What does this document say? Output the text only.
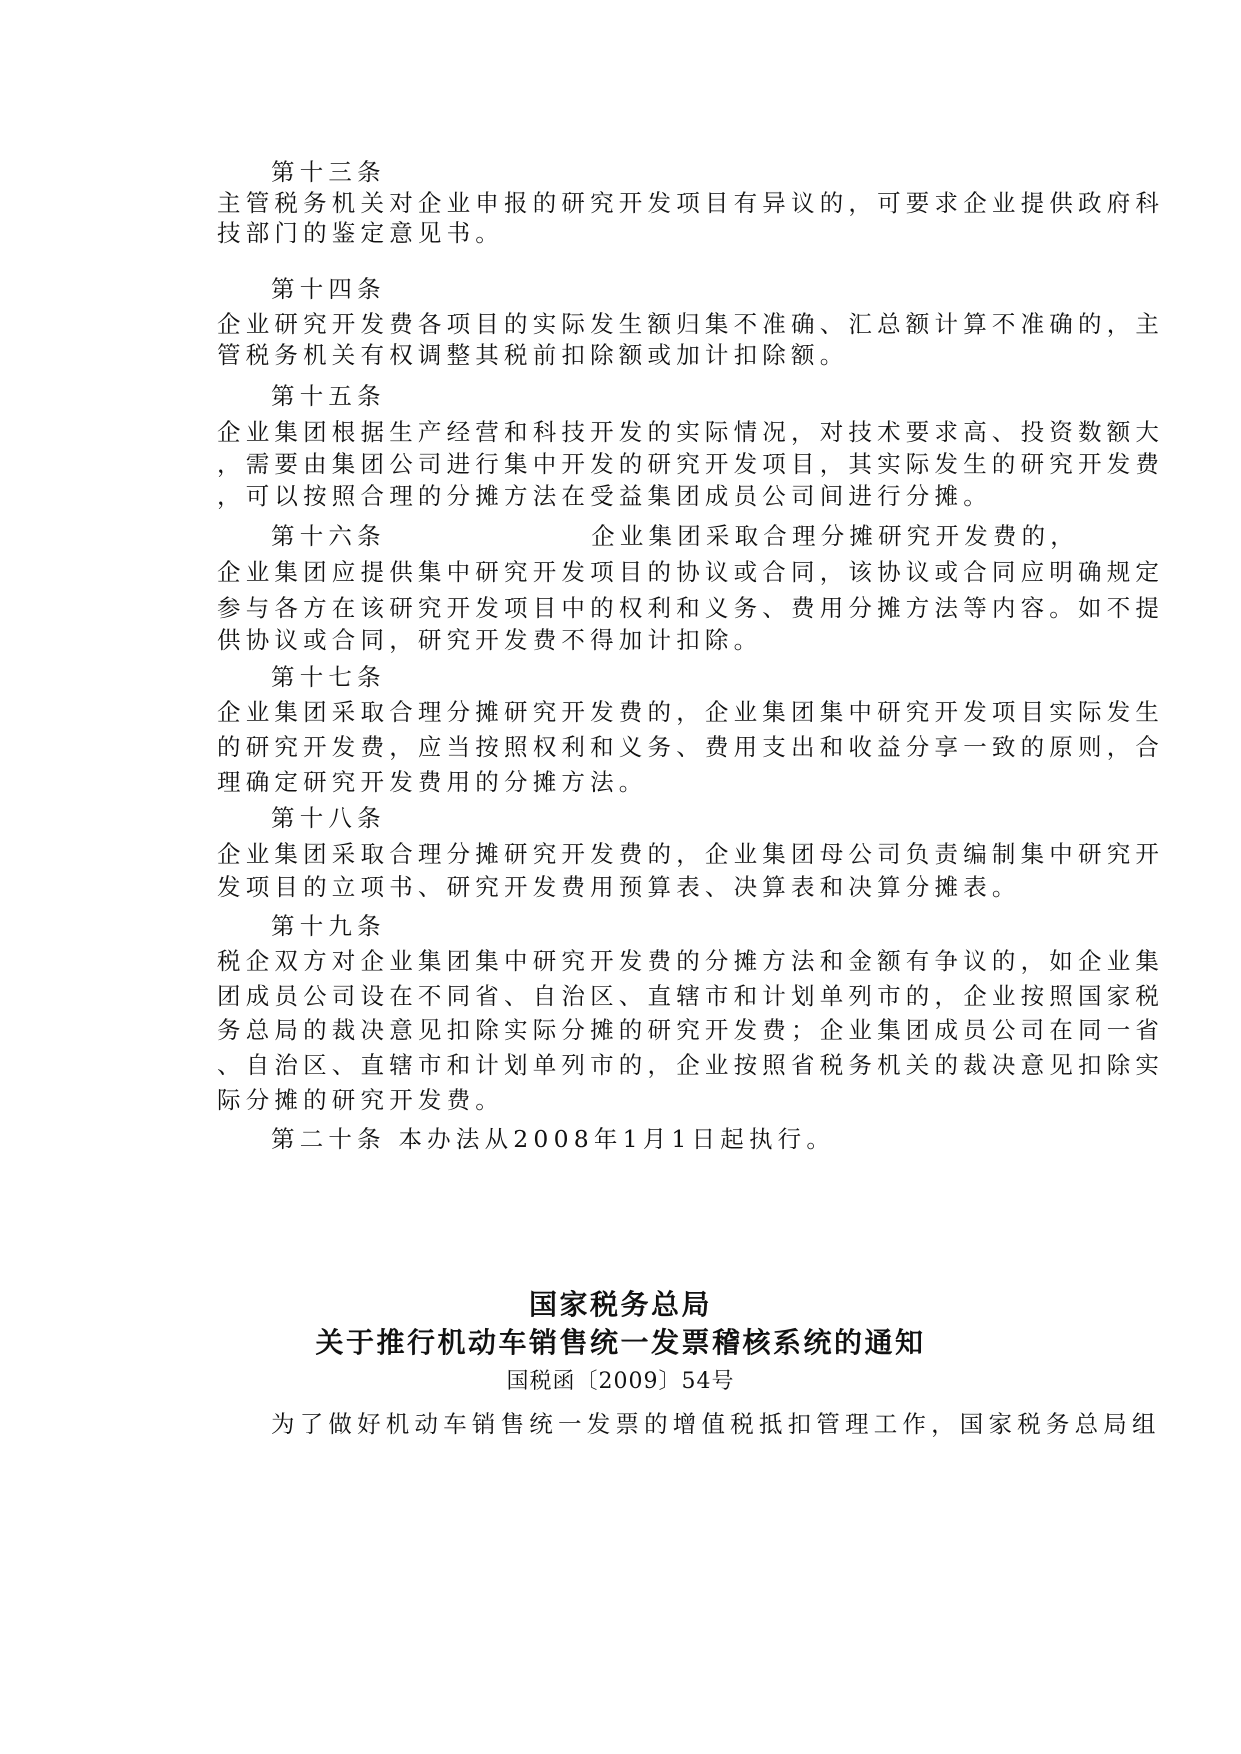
第十三条
主管税务机关对企业申报的研究开发项目有异议的，可要求企业提供政府科
技部门的鉴定意见书。
第十四条
企业研究开发费各项目的实际发生额归集不准确、汇总额计算不准确的，主
管税务机关有权调整其税前扣除额或加计扣除额。
第十五条
企业集团根据生产经营和科技开发的实际情况，对技术要求高、投资数额大
，需要由集团公司进行集中开发的研究开发项目，其实际发生的研究开发费
，可以按照合理的分摊方法在受益集团成员公司间进行分摊。
第十六条	企业集团采取合理分摊研究开发费的，
企业集团应提供集中研究开发项目的协议或合同，该协议或合同应明确规定
参与各方在该研究开发项目中的权利和义务、费用分摊方法等内容。如不提
供协议或合同，研究开发费不得加计扣除。
第十七条
企业集团采取合理分摊研究开发费的，企业集团集中研究开发项目实际发生
的研究开发费，应当按照权利和义务、费用支出和收益分享一致的原则，合
理确定研究开发费用的分摊方法。
第十八条
企业集团采取合理分摊研究开发费的，企业集团母公司负责编制集中研究开
发项目的立项书、研究开发费用预算表、决算表和决算分摊表。
第十九条
税企双方对企业集团集中研究开发费的分摊方法和金额有争议的，如企业集
团成员公司设在不同省、自治区、直辖市和计划单列市的，企业按照国家税
务总局的裁决意见扣除实际分摊的研究开发费；企业集团成员公司在同一省
、自治区、直辖市和计划单列市的，企业按照省税务机关的裁决意见扣除实
际分摊的研究开发费。
第二十条 本办法从2008年1月1日起执行。
国家税务总局
关于推行机动车销售统一发票稽核系统的通知
国税函〔2009〕54号
为了做好机动车销售统一发票的增值税抵扣管理工作，国家税务总局组
